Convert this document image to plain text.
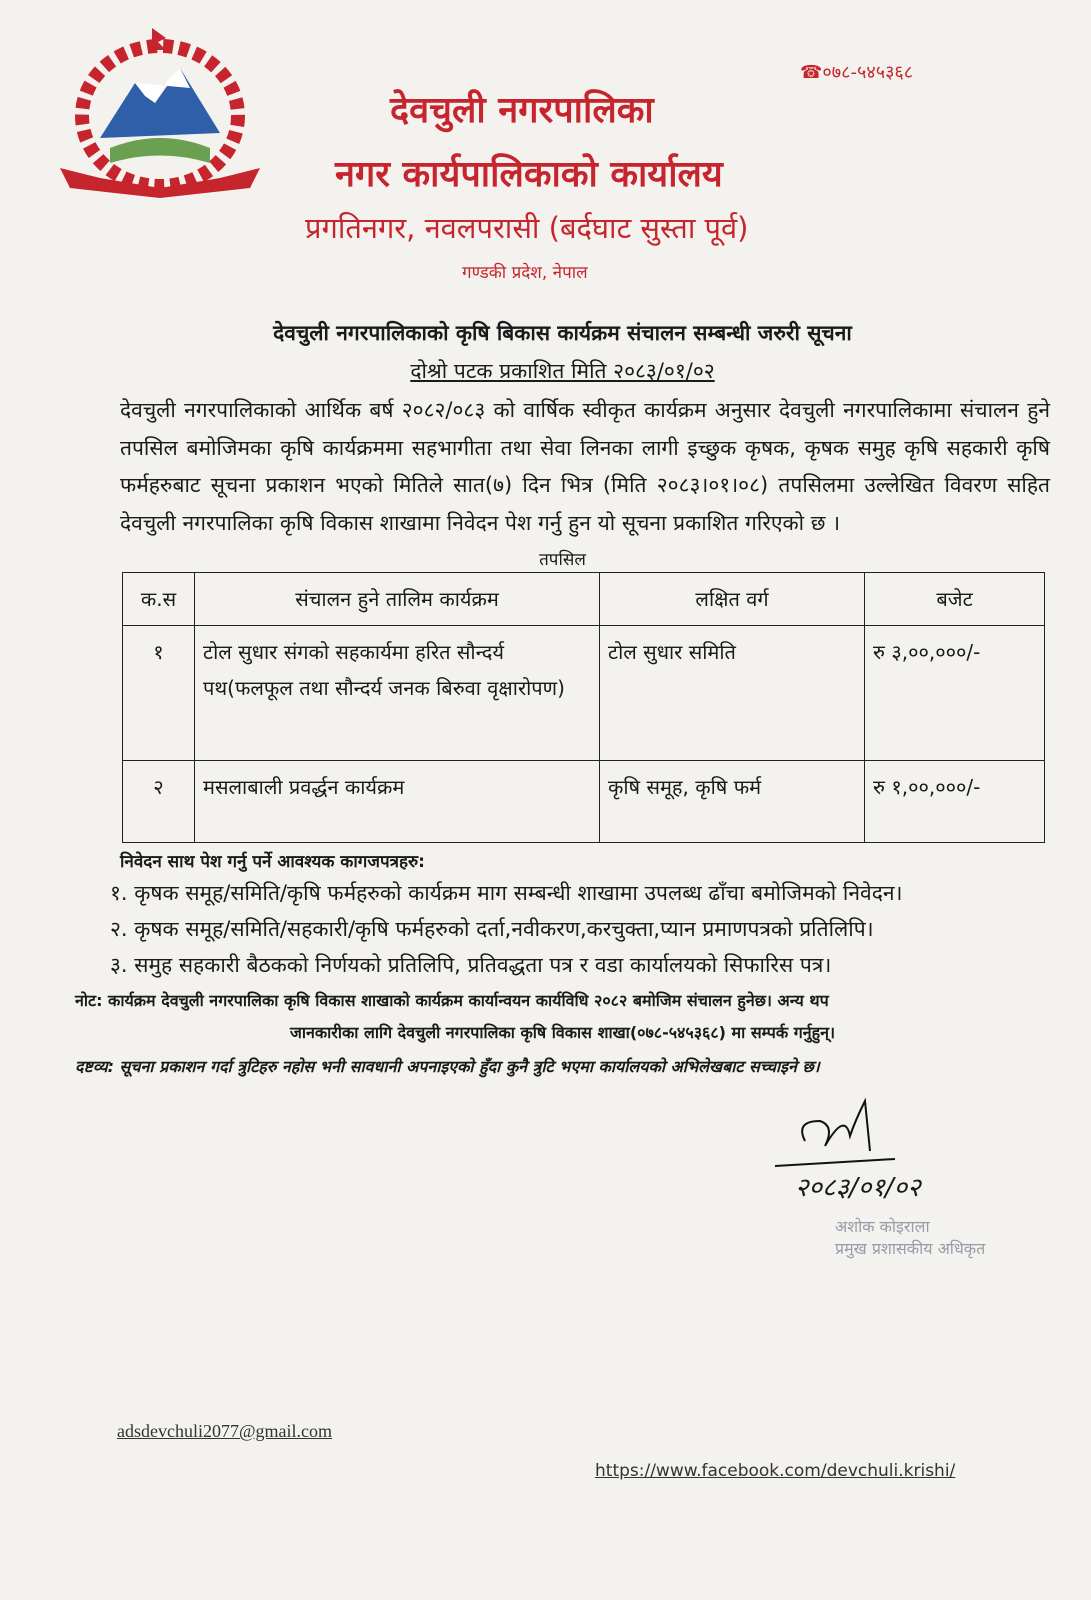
देवचुली नगरपालिका
☎०७८-५४५३६८
नगर कार्यपालिकाको कार्यालय
प्रगतिनगर, नवलपरासी (बर्दघाट सुस्ता पूर्व)
गण्डकी प्रदेश, नेपाल
देवचुली नगरपालिकाको कृषि बिकास कार्यक्रम संचालन सम्बन्धी जरुरी सूचना
दोश्रो पटक प्रकाशित मिति २०८३/०१/०२
देवचुली नगरपालिकाको आर्थिक बर्ष २०८२/०८३ को वार्षिक स्वीकृत कार्यक्रम अनुसार देवचुली नगरपालिकामा संचालन हुने तपसिल बमोजिमका कृषि कार्यक्रममा सहभागीता तथा सेवा लिनका लागी इच्छुक कृषक, कृषक समुह कृषि सहकारी कृषि फर्महरुबाट सूचना प्रकाशन भएको मितिले सात(७) दिन भित्र (मिति २०८३।०१।०८) तपसिलमा उल्लेखित विवरण सहित देवचुली नगरपालिका कृषि विकास शाखामा निवेदन पेश गर्नु हुन यो सूचना प्रकाशित गरिएको छ ।
तपसिल
क.स	संचालन हुने तालिम कार्यक्रम	लक्षित वर्ग	बजेट
१	टोल सुधार संगको सहकार्यमा हरित सौन्दर्य पथ(फलफूल तथा सौन्दर्य जनक बिरुवा वृक्षारोपण)	टोल सुधार समिति	रु ३,००,०००/-
२	मसलाबाली प्रवर्द्धन कार्यक्रम	कृषि समूह, कृषि फर्म	रु १,००,०००/-
निवेदन साथ पेश गर्नु पर्ने आवश्यक कागजपत्रहरु:
१. कृषक समूह/समिति/कृषि फर्महरुको कार्यक्रम माग सम्बन्धी शाखामा उपलब्ध ढाँचा बमोजिमको निवेदन।
२. कृषक समूह/समिति/सहकारी/कृषि फर्महरुको दर्ता,नवीकरण,करचुक्ता,प्यान प्रमाणपत्रको प्रतिलिपि।
३. समुह सहकारी बैठकको निर्णयको प्रतिलिपि, प्रतिवद्धता पत्र र वडा कार्यालयको सिफारिस पत्र।
नोट: कार्यक्रम देवचुली नगरपालिका कृषि विकास शाखाको कार्यक्रम कार्यान्वयन कार्यविधि २०८२ बमोजिम संचालन हुनेछ। अन्य थप
जानकारीका लागि देवचुली नगरपालिका कृषि विकास शाखा(०७८-५४५३६८) मा सम्पर्क गर्नुहुन्।
दष्टव्य: सूचना प्रकाशन गर्दा त्रुटिहरु नहोस भनी सावधानी अपनाइएको हुँदा कुनै त्रुटि भएमा कार्यालयको अभिलेखबाट सच्चाइने छ।
२०८३/०१/०२
अशोक कोइराला
प्रमुख प्रशासकीय अधिकृत
adsdevchuli2077@gmail.com
https://www.facebook.com/devchuli.krishi/
